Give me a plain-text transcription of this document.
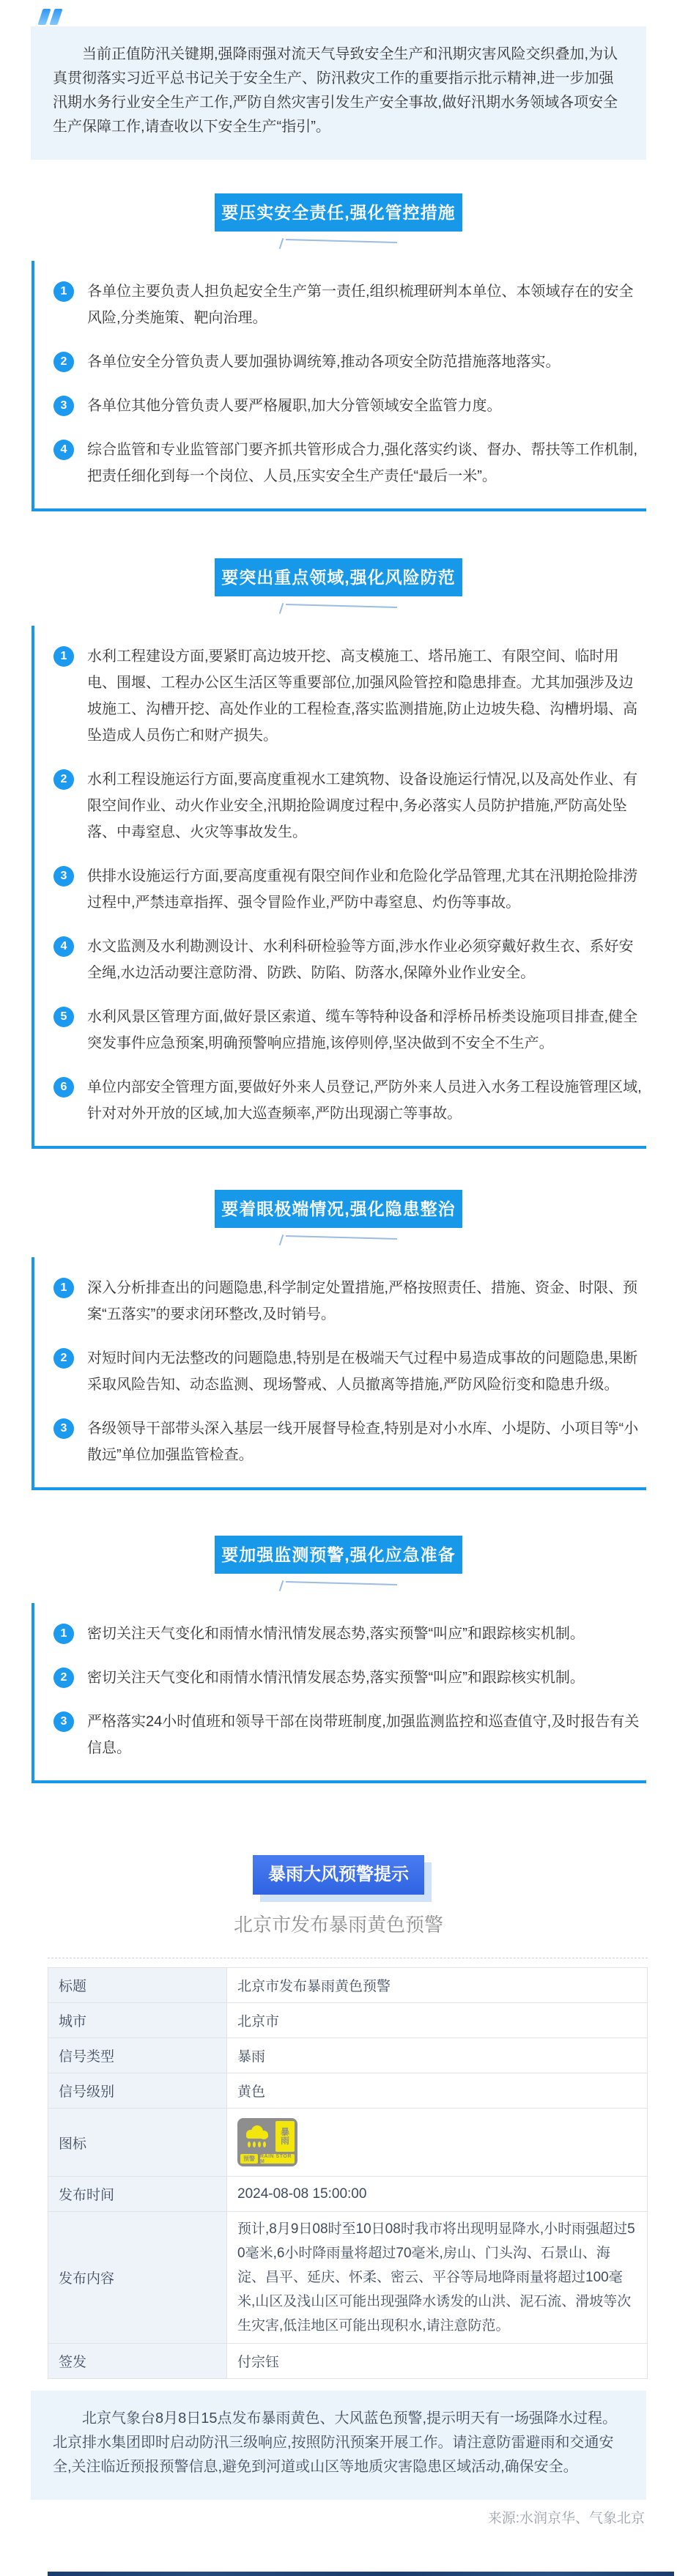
当前正值防汛关键期,强降雨强对流天气导致安全生产和汛期灾害风险交织叠加,为认真贯彻落实习近平总书记关于安全生产、防汛救灾工作的重要指示批示精神,进一步加强汛期水务行业安全生产工作,严防自然灾害引发生产安全事故,做好汛期水务领域各项安全生产保障工作,请查收以下安全生产“指引”。

要压实安全责任,强化管控措施
1	各单位主要负责人担负起安全生产第一责任,组织梳理研判本单位、本领域存在的安全风险,分类施策、靶向治理。
2	各单位安全分管负责人要加强协调统筹,推动各项安全防范措施落地落实。
3	各单位其他分管负责人要严格履职,加大分管领域安全监管力度。
4	综合监管和专业监管部门要齐抓共管形成合力,强化落实约谈、督办、帮扶等工作机制,把责任细化到每一个岗位、人员,压实安全生产责任“最后一米”。
要突出重点领域,强化风险防范
1	水利工程建设方面,要紧盯高边坡开挖、高支模施工、塔吊施工、有限空间、临时用电、围堰、工程办公区生活区等重要部位,加强风险管控和隐患排查。尤其加强涉及边坡施工、沟槽开挖、高处作业的工程检查,落实监测措施,防止边坡失稳、沟槽坍塌、高坠造成人员伤亡和财产损失。
2	水利工程设施运行方面,要高度重视水工建筑物、设备设施运行情况,以及高处作业、有限空间作业、动火作业安全,汛期抢险调度过程中,务必落实人员防护措施,严防高处坠落、中毒窒息、火灾等事故发生。
3	供排水设施运行方面,要高度重视有限空间作业和危险化学品管理,尤其在汛期抢险排涝过程中,严禁违章指挥、强令冒险作业,严防中毒窒息、灼伤等事故。
4	水文监测及水利勘测设计、水利科研检验等方面,涉水作业必须穿戴好救生衣、系好安全绳,水边活动要注意防滑、防跌、防陷、防落水,保障外业作业安全。
5	水利风景区管理方面,做好景区索道、缆车等特种设备和浮桥吊桥类设施项目排查,健全突发事件应急预案,明确预警响应措施,该停则停,坚决做到不安全不生产。
6	单位内部安全管理方面,要做好外来人员登记,严防外来人员进入水务工程设施管理区域,针对对外开放的区域,加大巡查频率,严防出现溺亡等事故。
要着眼极端情况,强化隐患整治
1	深入分析排查出的问题隐患,科学制定处置措施,严格按照责任、措施、资金、时限、预案“五落实”的要求闭环整改,及时销号。
2	对短时间内无法整改的问题隐患,特别是在极端天气过程中易造成事故的问题隐患,果断采取风险告知、动态监测、现场警戒、人员撤离等措施,严防风险衍变和隐患升级。
3	各级领导干部带头深入基层一线开展督导检查,特别是对小水库、小堤防、小项目等“小散远”单位加强监管检查。
要加强监测预警,强化应急准备
1	密切关注天气变化和雨情水情汛情发展态势,落实预警“叫应”和跟踪核实机制。
2	密切关注天气变化和雨情水情汛情发展态势,落实预警“叫应”和跟踪核实机制。
3	严格落实24小时值班和领导干部在岗带班制度,加强监测监控和巡查值守,及时报告有关信息。
暴雨大风预警提示
北京市发布暴雨黄色预警
标题	北京市发布暴雨黄色预警
城市	北京市
信号类型	暴雨
信号级别	黄色
图标	暴
雨
预警 RAIN STORM

发布时间	2024-08-08 15:00:00
发布内容	预计,8月9日08时至10日08时我市将出现明显降水,小时雨强超过50毫米,6小时降雨量将超过70毫米,房山、门头沟、石景山、海淀、昌平、延庆、怀柔、密云、平谷等局地降雨量将超过100毫米,山区及浅山区可能出现强降水诱发的山洪、泥石流、滑坡等次生灾害,低洼地区可能出现积水,请注意防范。
签发	付宗钰

北京气象台8月8日15点发布暴雨黄色、大风蓝色预警,提示明天有一场强降水过程。北京排水集团即时启动防汛三级响应,按照防汛预案开展工作。请注意防雷避雨和交通安全,关注临近预报预警信息,避免到河道或山区等地质灾害隐患区域活动,确保安全。

来源:水润京华、气象北京
